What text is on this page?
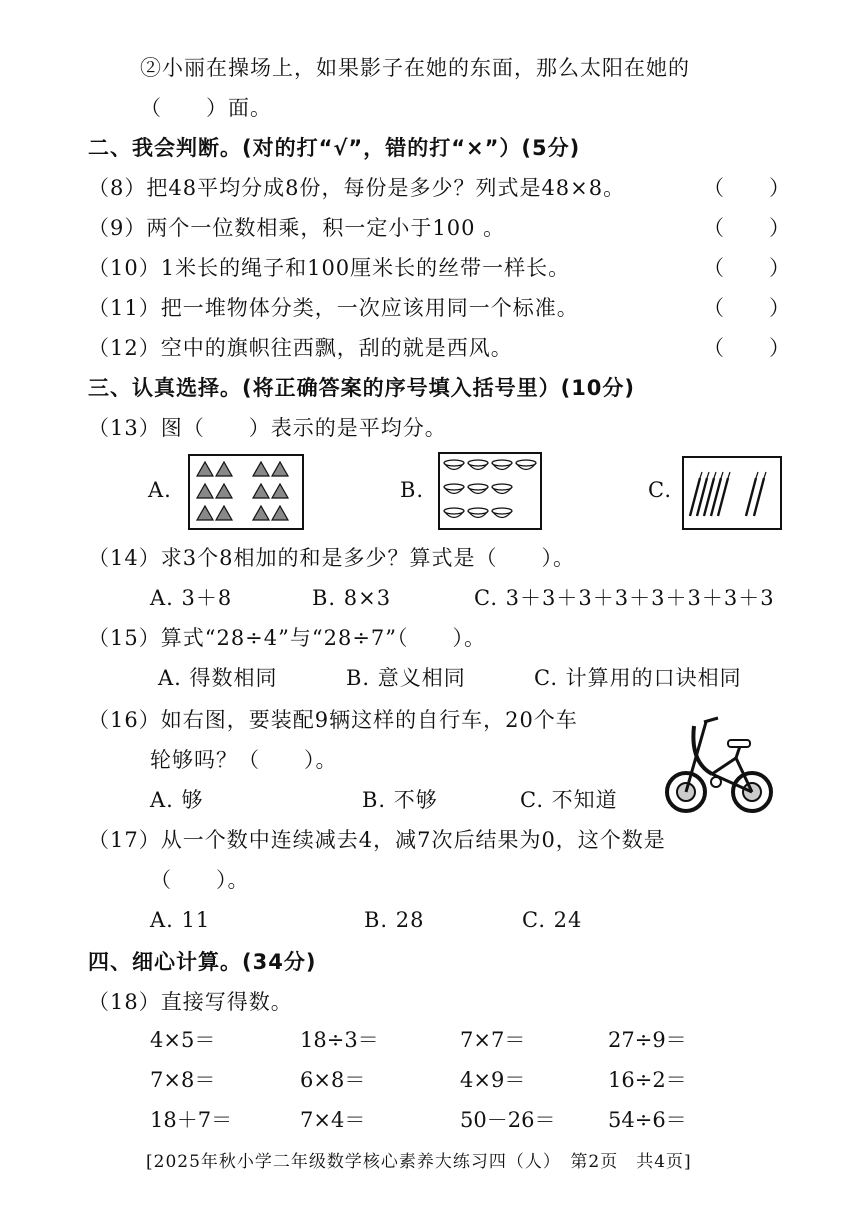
②小丽在操场上，如果影子在她的东面，那么太阳在她的
（　　）面。
二、我会判断。(对的打“√”，错的打“×”）(5分)
（8）把48平均分成8份，每份是多少？列式是48×8。	（　　）
（9）两个一位数相乘，积一定小于100 。	（　　）
（10）1米长的绳子和100厘米长的丝带一样长。	（　　）
（11）把一堆物体分类，一次应该用同一个标准。	（　　）
（12）空中的旗帜往西飘，刮的就是西风。	（　　）
三、认真选择。(将正确答案的序号填入括号里）(10分)
（13）图（　　）表示的是平均分。
A.	B.	C.
（14）求3个8相加的和是多少？算式是（　　）。
A. 3＋8	B. 8×3	C. 3＋3＋3＋3＋3＋3＋3＋3
（15）算式“28÷4”与“28÷7”（　　）。
A. 得数相同	B. 意义相同	C. 计算用的口诀相同
（16）如右图，要装配9辆这样的自行车，20个车
轮够吗？（　　）。
A. 够	B. 不够	C. 不知道
（17）从一个数中连续减去4，减7次后结果为0，这个数是
（　　）。
A. 11	B. 28	C. 24
四、细心计算。(34分)
（18）直接写得数。
4×5＝	18÷3＝	7×7＝	27÷9＝
7×8＝	6×8＝	4×9＝	16÷2＝
18＋7＝	7×4＝	50－26＝	54÷6＝
[2025年秋小学二年级数学核心素养大练习四（人）　第2页　共4页]
